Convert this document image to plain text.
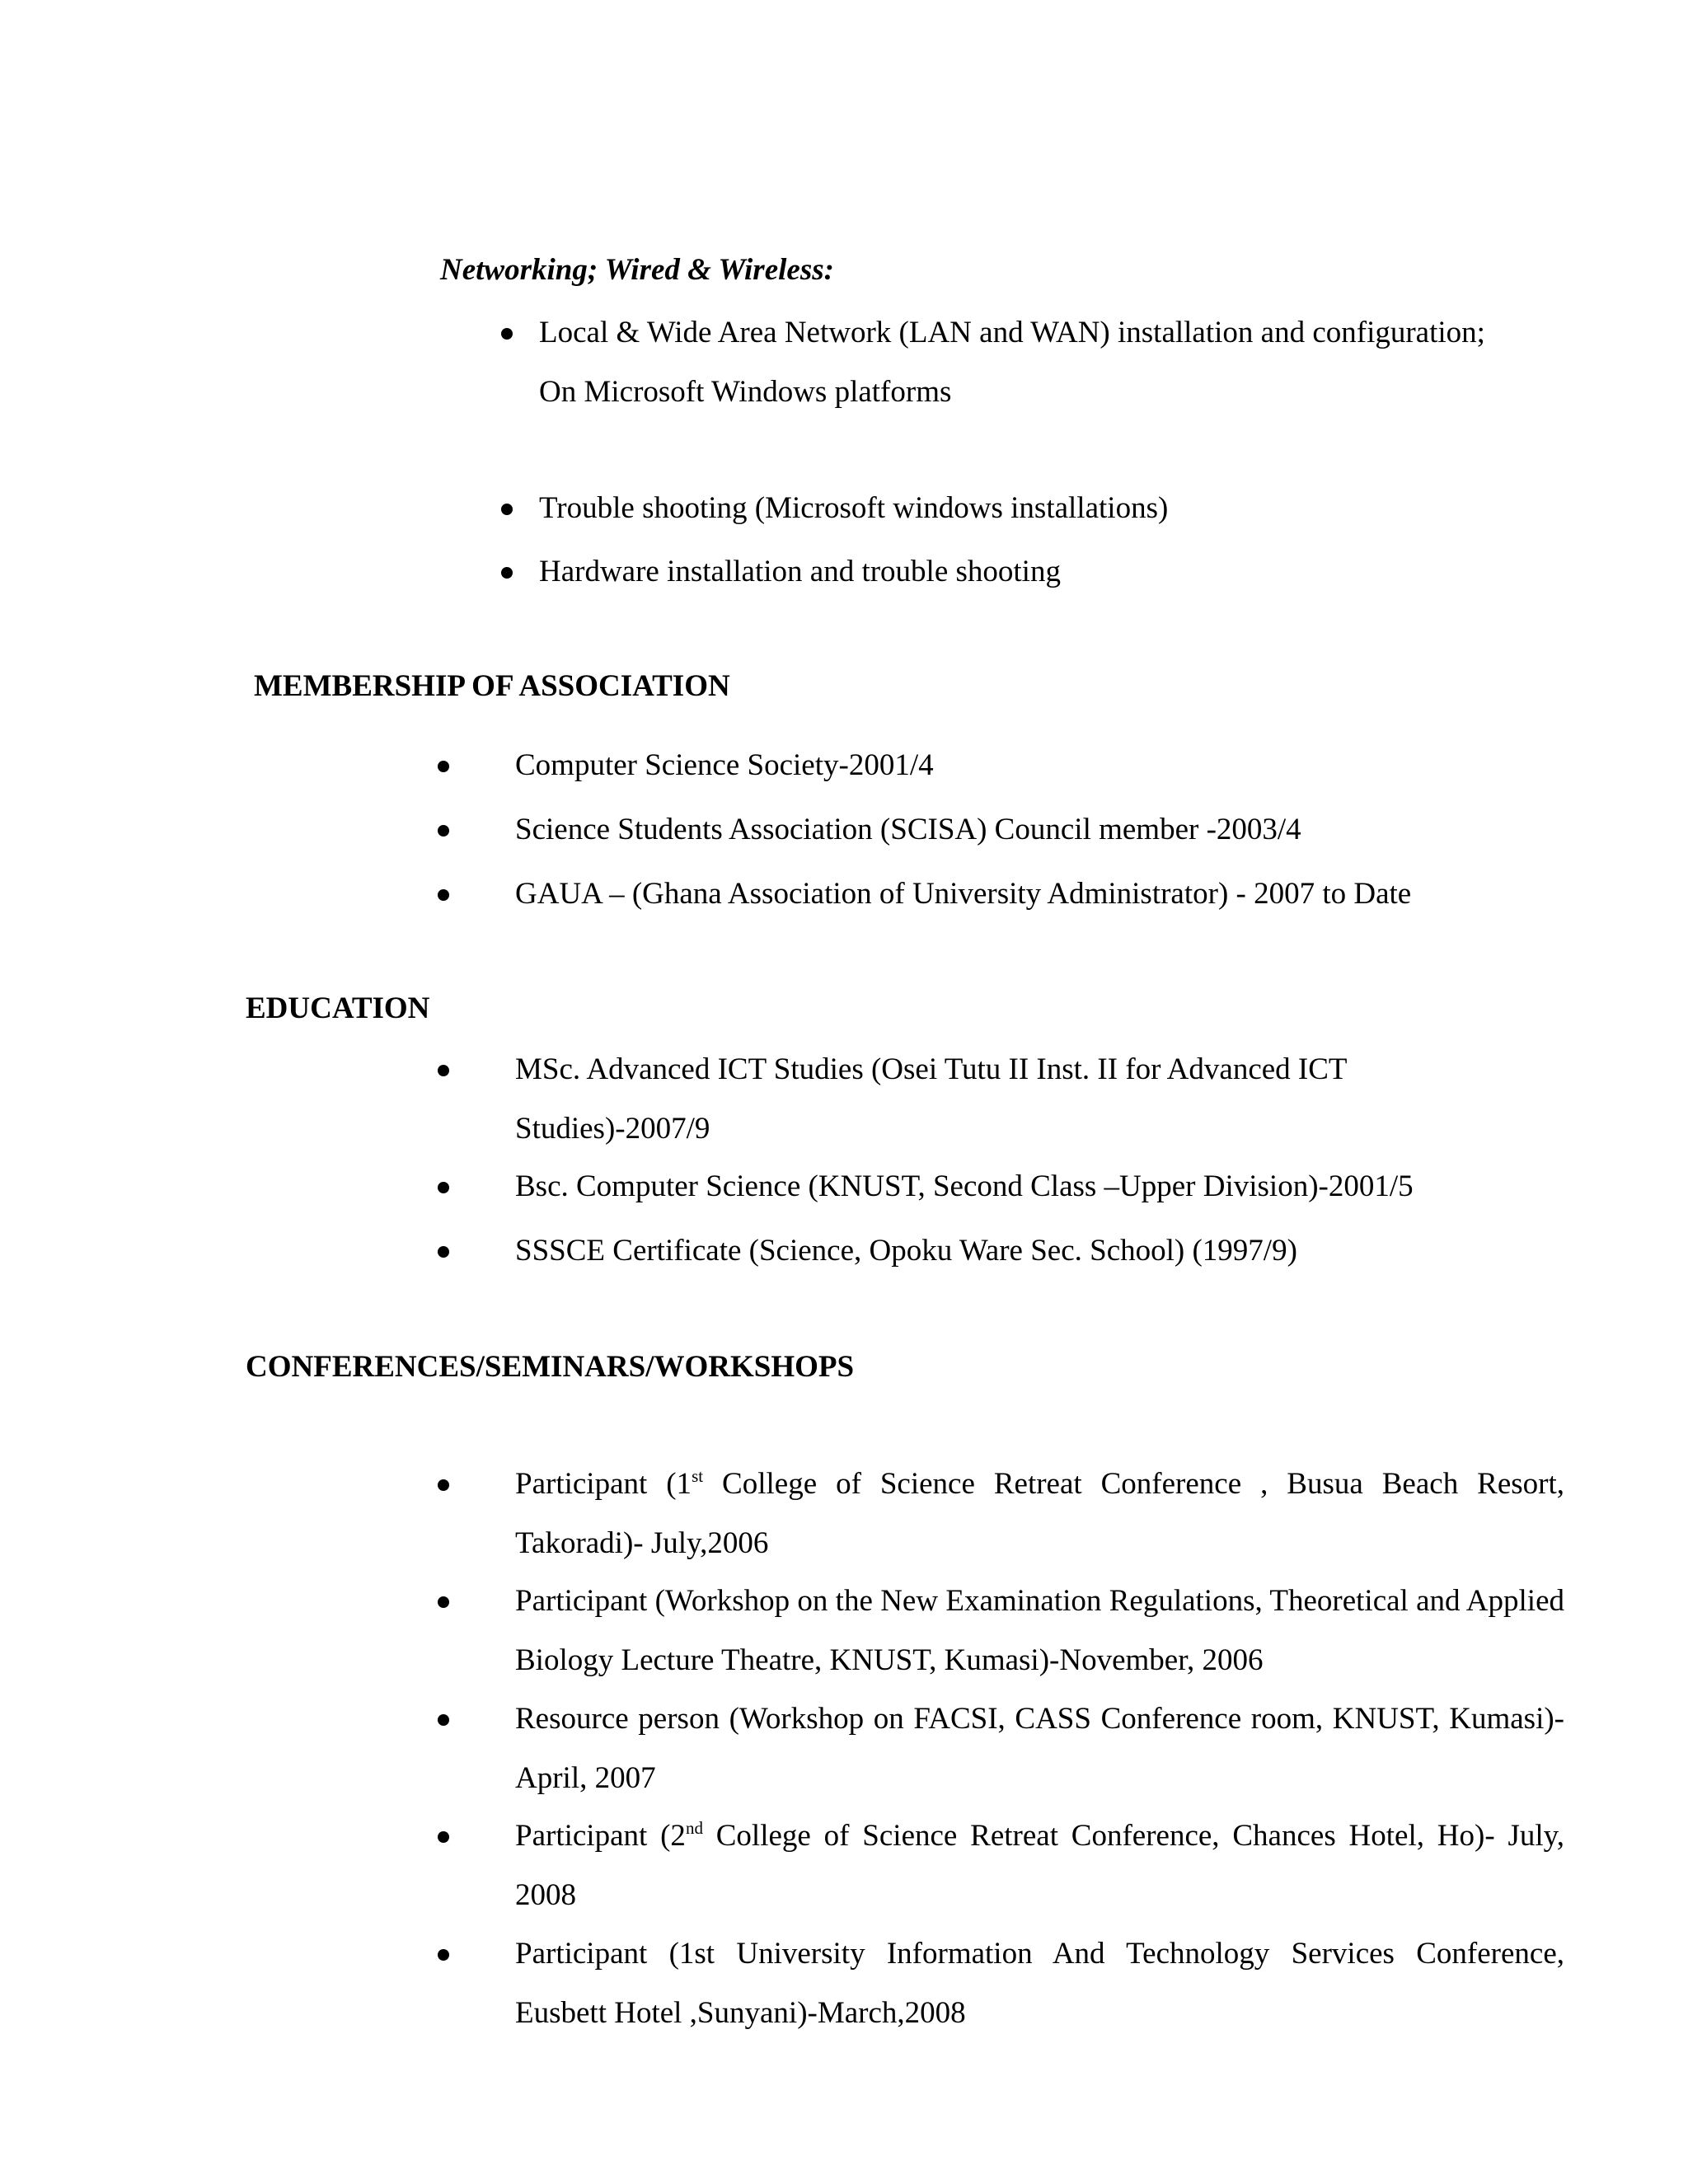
Networking; Wired & Wireless:
Local & Wide Area Network (LAN and WAN) installation and configuration;
On Microsoft Windows platforms
Trouble shooting (Microsoft windows installations)
Hardware installation and trouble shooting
MEMBERSHIP OF ASSOCIATION
Computer Science Society-2001/4
Science Students Association (SCISA) Council member -2003/4
GAUA – (Ghana Association of University Administrator) - 2007 to Date
EDUCATION
MSc. Advanced ICT Studies (Osei Tutu II Inst. II for Advanced ICT Studies)-2007/9
Bsc. Computer Science (KNUST, Second Class –Upper Division)-2001/5
SSSCE Certificate (Science, Opoku Ware Sec. School) (1997/9)
CONFERENCES/SEMINARS/WORKSHOPS
Participant (1st College of Science Retreat Conference , Busua Beach Resort, Takoradi)- July,2006
Participant (Workshop on the New Examination Regulations, Theoretical and Applied Biology Lecture Theatre, KNUST, Kumasi)-November, 2006
Resource person (Workshop on FACSI, CASS Conference room, KNUST, Kumasi)-April, 2007
Participant (2nd College of Science Retreat Conference, Chances Hotel, Ho)- July, 2008
Participant (1st University Information And Technology Services Conference, Eusbett Hotel ,Sunyani)-March,2008
